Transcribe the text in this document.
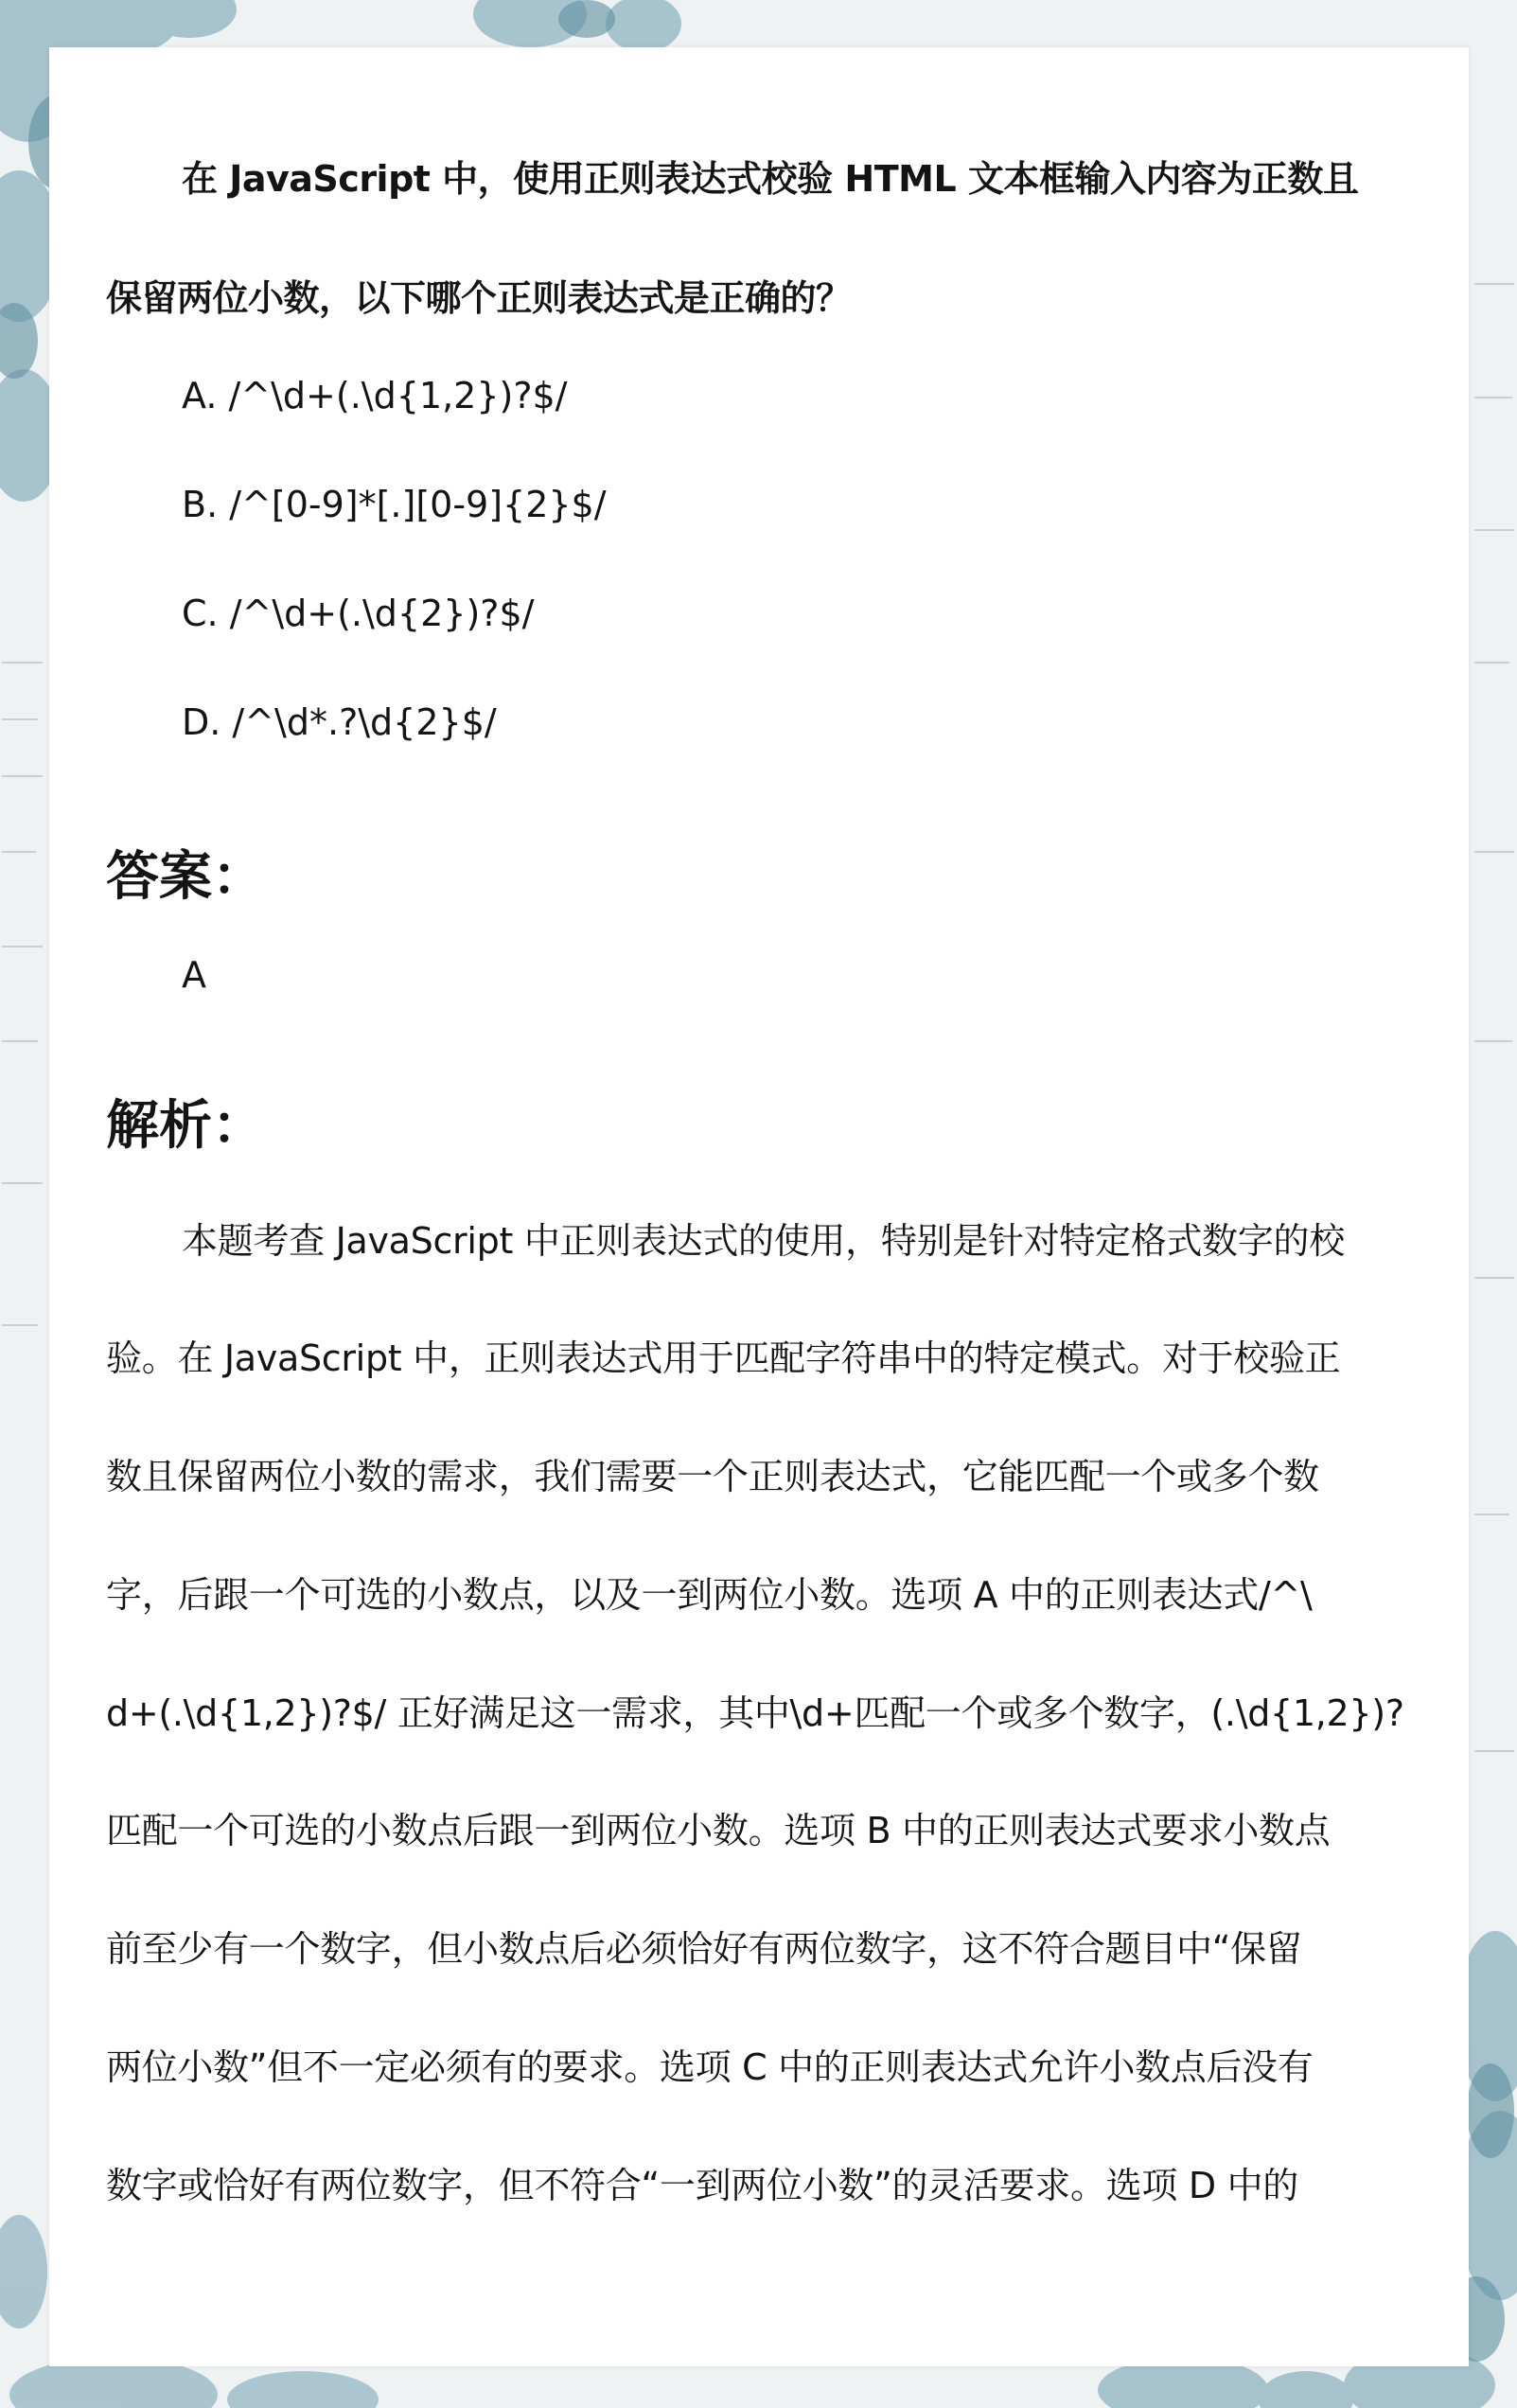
在 JavaScript 中，使用正则表达式校验 HTML 文本框输入内容为正数且
保留两位小数，以下哪个正则表达式是正确的？
A. /^\d+(.\d{1,2})?$/
B. /^[0-9]*[.][0-9]{2}$/
C. /^\d+(.\d{2})?$/
D. /^\d*.?\d{2}$/
答案：
A
解析：
本题考查 JavaScript 中正则表达式的使用，特别是针对特定格式数字的校
验。在 JavaScript 中，正则表达式用于匹配字符串中的特定模式。对于校验正
数且保留两位小数的需求，我们需要一个正则表达式，它能匹配一个或多个数
字，后跟一个可选的小数点，以及一到两位小数。选项 A 中的正则表达式/^\
d+(.\d{1,2})?$/ 正好满足这一需求，其中\d+匹配一个或多个数字，(.\d{1,2})?
匹配一个可选的小数点后跟一到两位小数。选项 B 中的正则表达式要求小数点
前至少有一个数字，但小数点后必须恰好有两位数字，这不符合题目中“保留
两位小数”但不一定必须有的要求。选项 C 中的正则表达式允许小数点后没有
数字或恰好有两位数字，但不符合“一到两位小数”的灵活要求。选项 D 中的
